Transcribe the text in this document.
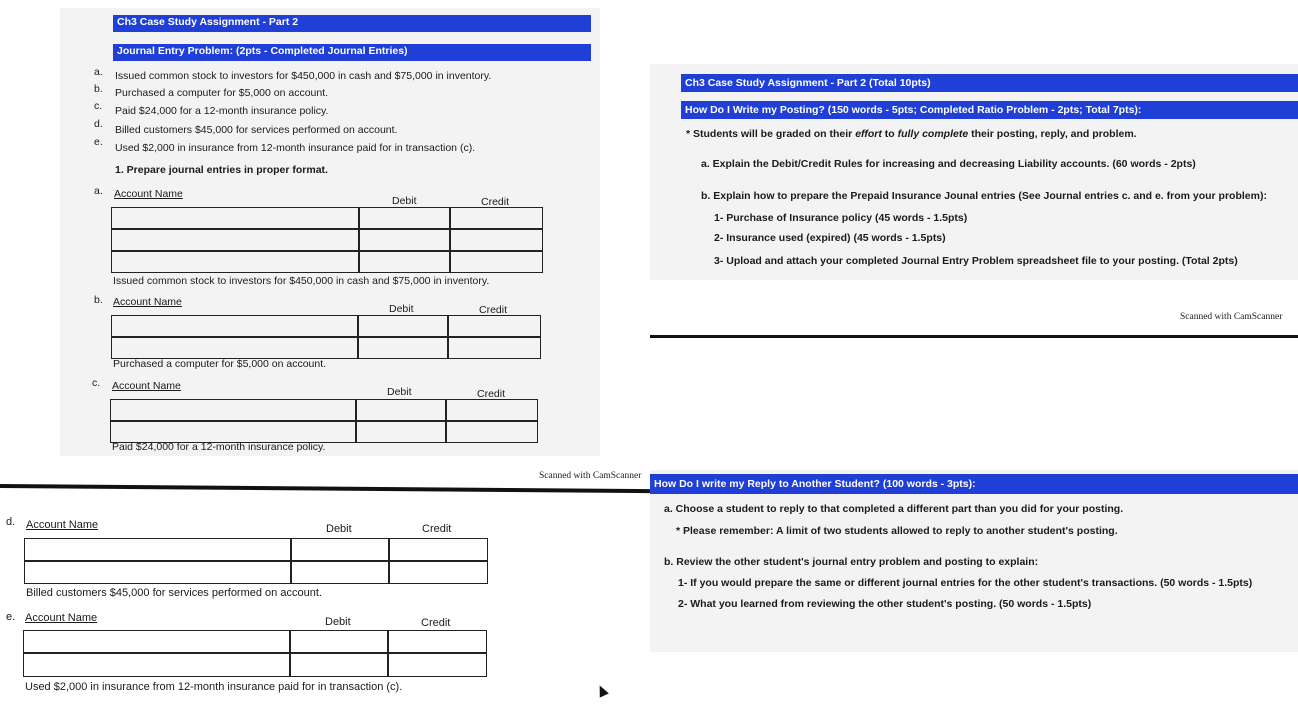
Ch3 Case Study Assignment - Part 2
Journal Entry Problem: (2pts - Completed Journal Entries)
a. Issued common stock to investors for $450,000 in cash and $75,000 in inventory.
b. Purchased a computer for $5,000 on account.
c. Paid $24,000 for a 12-month insurance policy.
d. Billed customers $45,000 for services performed on account.
e. Used $2,000 in insurance from 12-month insurance paid for in transaction (c).
1. Prepare journal entries in proper format.
a. Account Name
Debit	Credit
Issued common stock to investors for $450,000 in cash and $75,000 in inventory.
b. Account Name
Debit	Credit
Purchased a computer for $5,000 on account.
c. Account Name	Debit	Credit
Paid $24,000 for a 12-month insurance policy.
Scanned with CamScanner
d. Account Name	Debit	Credit
Billed customers $45,000 for services performed on account.
e. Account Name	Debit	Credit
Used $2,000 in insurance from 12-month insurance paid for in transaction (c).
Ch3 Case Study Assignment - Part 2 (Total 10pts)
How Do I Write my Posting? (150 words - 5pts; Completed Ratio Problem - 2pts; Total 7pts):
* Students will be graded on their effort to fully complete their posting, reply, and problem.
a. Explain the Debit/Credit Rules for increasing and decreasing Liability accounts. (60 words - 2pts)
b. Explain how to prepare the Prepaid Insurance Jounal entries (See Journal entries c. and e. from your problem):
1- Purchase of Insurance policy (45 words - 1.5pts)
2- Insurance used (expired) (45 words - 1.5pts)
3- Upload and attach your completed Journal Entry Problem spreadsheet file to your posting. (Total 2pts)
Scanned with CamScanner
How Do I write my Reply to Another Student? (100 words - 3pts):
a. Choose a student to reply to that completed a different part than you did for your posting.
* Please remember: A limit of two students allowed to reply to another student's posting.
b. Review the other student's journal entry problem and posting to explain:
1- If you would prepare the same or different journal entries for the other student's transactions. (50 words - 1.5pts)
2- What you learned from reviewing the other student's posting. (50 words - 1.5pts)
